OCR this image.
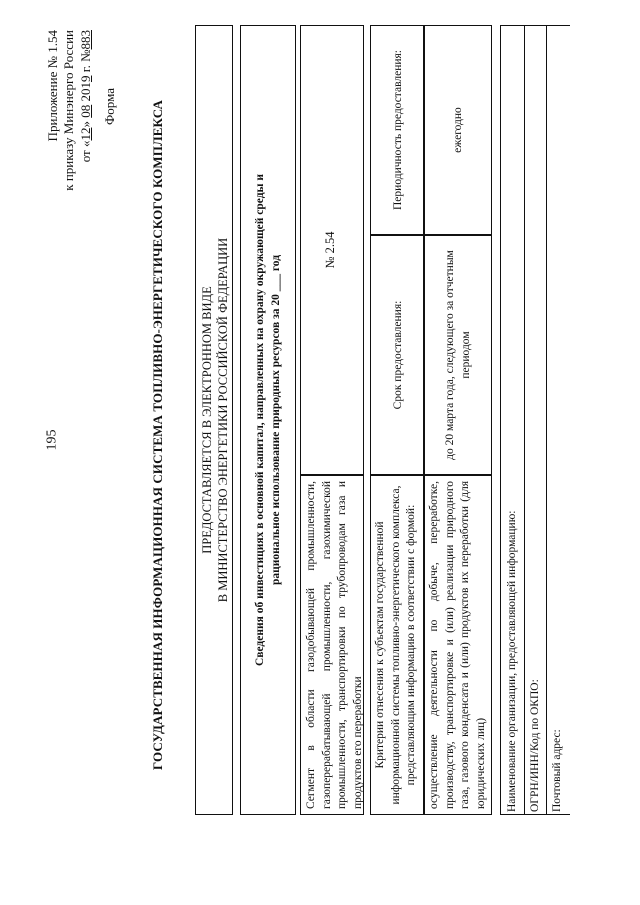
195
Приложение № 1.54 к приказу Минэнерго России от «12» 08 2019 г. №883
Форма	ГОСУДАРСТВЕННАЯ ИНФОРМАЦИОННАЯ СИСТЕМА ТОПЛИВНО-ЭНЕРГЕТИЧЕСКОГО КОМПЛЕКСА	ПРЕДОСТАВЛЯЕТСЯ В ЭЛЕКТРОННОМ ВИДЕ В МИНИСТЕРСТВО ЭНЕРГЕТИКИ РОССИЙСКОЙ ФЕДЕРАЦИИ Сведения об инвестициях в основной капитал, направленных на охрану окружающей среды и рациональное использование природных ресурсов за 20 ___ год
Сегмент в области газодобывающей промышленности, газоперерабатывающей промышленности, газохимической промышленности, транспортировки по трубопроводам газа и продуктов его переработки
№ 2.54
Критерии отнесения к субъектам государственной информационной системы топливно-энергетического комплекса, представляющим информацию в соответствии с формой:
Срок предоставления:
Периодичность предоставления:
осуществление деятельности по добыче, переработке, производству, транспортировке и (или) реализации природного газа, газового конденсата и (или) продуктов их переработки (для юридических лиц)
до 20 марта года, следующего за отчетным периодом
ежегодно
Наименование организации, предоставляющей информацию: ОГРН/ИНН/Код по ОКПО: Почтовый адрес:
